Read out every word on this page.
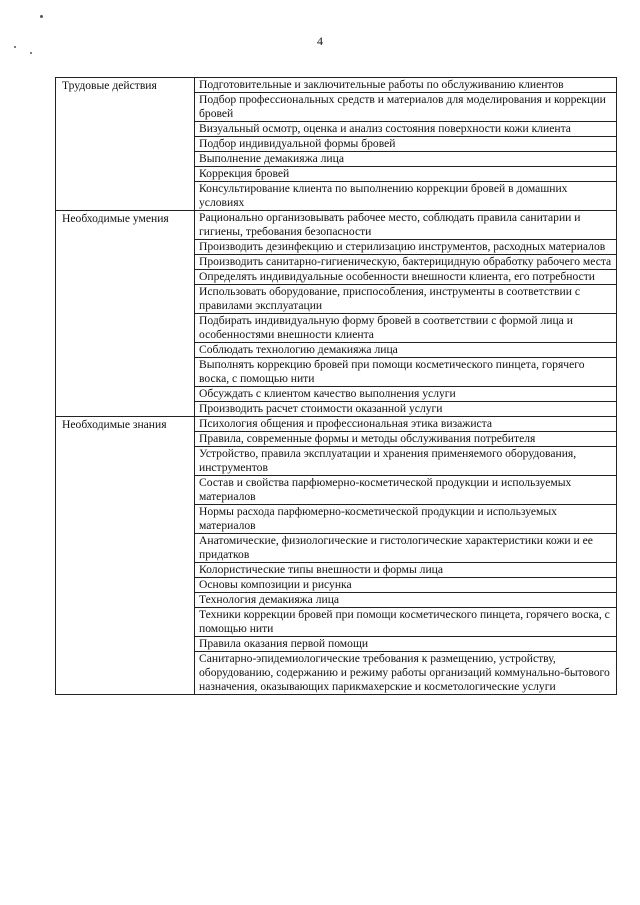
4
Трудовые действия	Подготовительные и заключительные работы по обслуживанию клиентов
	Подбор профессиональных средств и материалов для моделирования и коррекции бровей
	Визуальный осмотр, оценка и анализ состояния поверхности кожи клиента
	Подбор индивидуальной формы бровей
	Выполнение демакияжа лица
	Коррекция бровей
	Консультирование клиента по выполнению коррекции бровей в домашних условиях
Необходимые умения	Рационально организовывать рабочее место, соблюдать правила санитарии и гигиены, требования безопасности
	Производить дезинфекцию и стерилизацию инструментов, расходных материалов
	Производить санитарно-гигиеническую, бактерицидную обработку рабочего места
	Определять индивидуальные особенности внешности клиента, его потребности
	Использовать оборудование, приспособления, инструменты в соответствии с правилами эксплуатации
	Подбирать индивидуальную форму бровей в соответствии с формой лица и особенностями внешности клиента
	Соблюдать технологию демакияжа лица
	Выполнять коррекцию бровей при помощи косметического пинцета, горячего воска, с помощью нити
	Обсуждать с клиентом качество выполнения услуги
	Производить расчет стоимости оказанной услуги
Необходимые знания	Психология общения и профессиональная этика визажиста
	Правила, современные формы и методы обслуживания потребителя
	Устройство, правила эксплуатации и хранения применяемого оборудования, инструментов
	Состав и свойства парфюмерно-косметической продукции и используемых материалов
	Нормы расхода парфюмерно-косметической продукции и используемых материалов
	Анатомические, физиологические и гистологические характеристики кожи и ее придатков
	Колористические типы внешности и формы лица
	Основы композиции и рисунка
	Технология демакияжа лица
	Техники коррекции бровей при помощи косметического пинцета, горячего воска, с помощью нити
	Правила оказания первой помощи
	Санитарно-эпидемиологические требования к размещению, устройству, оборудованию, содержанию и режиму работы организаций коммунально-бытового назначения, оказывающих парикмахерские и косметологические услуги
